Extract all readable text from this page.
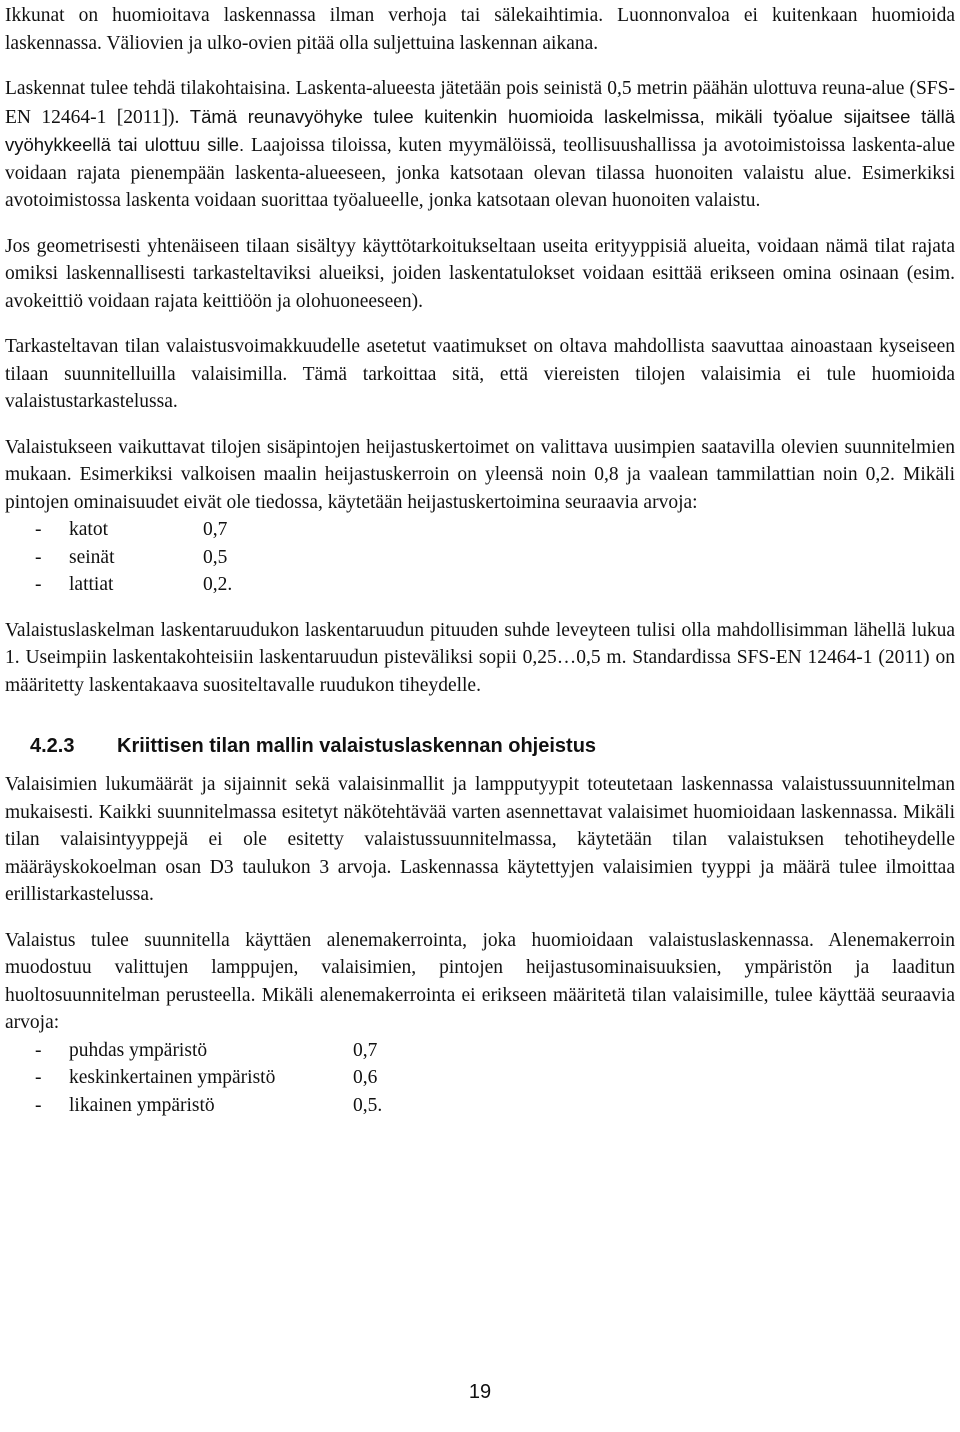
Ikkunat on huomioitava laskennassa ilman verhoja tai sälekaihtimia. Luonnonvaloa ei kuitenkaan huomioida laskennassa. Väliovien ja ulko-ovien pitää olla suljettuina laskennan aikana.

Laskennat tulee tehdä tilakohtaisina. Laskenta-alueesta jätetään pois seinistä 0,5 metrin päähän ulottuva reuna-alue (SFS-EN 12464-1 [2011]). Tämä reunavyöhyke tulee kuitenkin huomioida laskelmissa, mikäli työalue sijaitsee tällä vyöhykkeellä tai ulottuu sille. Laajoissa tiloissa, kuten myymälöissä, teollisuushallissa ja avotoimistoissa laskenta-alue voidaan rajata pienempään laskenta-alueeseen, jonka katsotaan olevan tilassa huonoiten valaistu alue. Esimerkiksi avotoimistossa laskenta voidaan suorittaa työalueelle, jonka katsotaan olevan huonoiten valaistu.

Jos geometrisesti yhtenäiseen tilaan sisältyy käyttötarkoitukseltaan useita erityyppisiä alueita, voidaan nämä tilat rajata omiksi laskennallisesti tarkasteltaviksi alueiksi, joiden laskentatulokset voidaan esittää erikseen omina osinaan (esim. avokeittiö voidaan rajata keittiöön ja olohuoneeseen).

Tarkasteltavan tilan valaistusvoimakkuudelle asetetut vaatimukset on oltava mahdollista saavuttaa ainoastaan kyseiseen tilaan suunnitelluilla valaisimilla. Tämä tarkoittaa sitä, että viereisten tilojen valaisimia ei tule huomioida valaistustarkastelussa.

Valaistukseen vaikuttavat tilojen sisäpintojen heijastuskertoimet on valittava uusimpien saatavilla olevien suunnitelmien mukaan. Esimerkiksi valkoisen maalin heijastuskerroin on yleensä noin 0,8 ja vaalean tammilattian noin 0,2. Mikäli pintojen ominaisuudet eivät ole tiedossa, käytetään heijastuskertoimina seuraavia arvoja:

-	katot	0,7
-	seinät	0,5
-	lattiat	0,2.

Valaistuslaskelman laskentaruudukon laskentaruudun pituuden suhde leveyteen tulisi olla mahdollisimman lähellä lukua 1. Useimpiin laskentakohteisiin laskentaruudun pisteväliksi sopii 0,25…0,5 m. Standardissa SFS-EN 12464-1 (2011) on määritetty laskentakaava suositeltavalle ruudukon tiheydelle.

4.2.3 Kriittisen tilan mallin valaistuslaskennan ohjeistus

Valaisimien lukumäärät ja sijainnit sekä valaisinmallit ja lampputyypit toteutetaan laskennassa valaistussuunnitelman mukaisesti. Kaikki suunnitelmassa esitetyt näkötehtävää varten asennettavat valaisimet huomioidaan laskennassa. Mikäli tilan valaisintyyppejä ei ole esitetty valaistussuunnitelmassa, käytetään tilan valaistuksen tehotiheydelle määräyskokoelman osan D3 taulukon 3 arvoja. Laskennassa käytettyjen valaisimien tyyppi ja määrä tulee ilmoittaa erillistarkastelussa.

Valaistus tulee suunnitella käyttäen alenemakerrointa, joka huomioidaan valaistuslaskennassa. Alenemakerroin muodostuu valittujen lamppujen, valaisimien, pintojen heijastusominaisuuksien, ympäristön ja laaditun huoltosuunnitelman perusteella. Mikäli alenemakerrointa ei erikseen määritetä tilan valaisimille, tulee käyttää seuraavia arvoja:

-	puhdas ympäristö	0,7
-	keskinkertainen ympäristö	0,6
-	likainen ympäristö	0,5.
19
